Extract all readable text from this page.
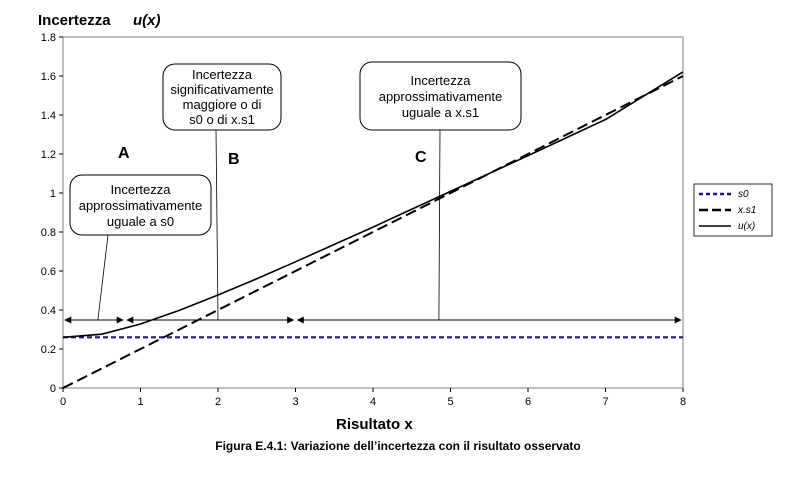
Incertezza u(x)
0	1	2	3	4	5	6	7	8
0
0.2
0.4
0.6
0.8
1
1.2
1.4
1.6
1.8
Incertezza
approssimativamente
uguale a s0
Incertezza
significativamente
maggiore o di
s0 o di x.s1
Incertezza
approssimativamente
uguale a x.s1
A	B	C
s0
x.s1
u(x)
Risultato x
Figura E.4.1: Variazione dell’incertezza con il risultato osservato
